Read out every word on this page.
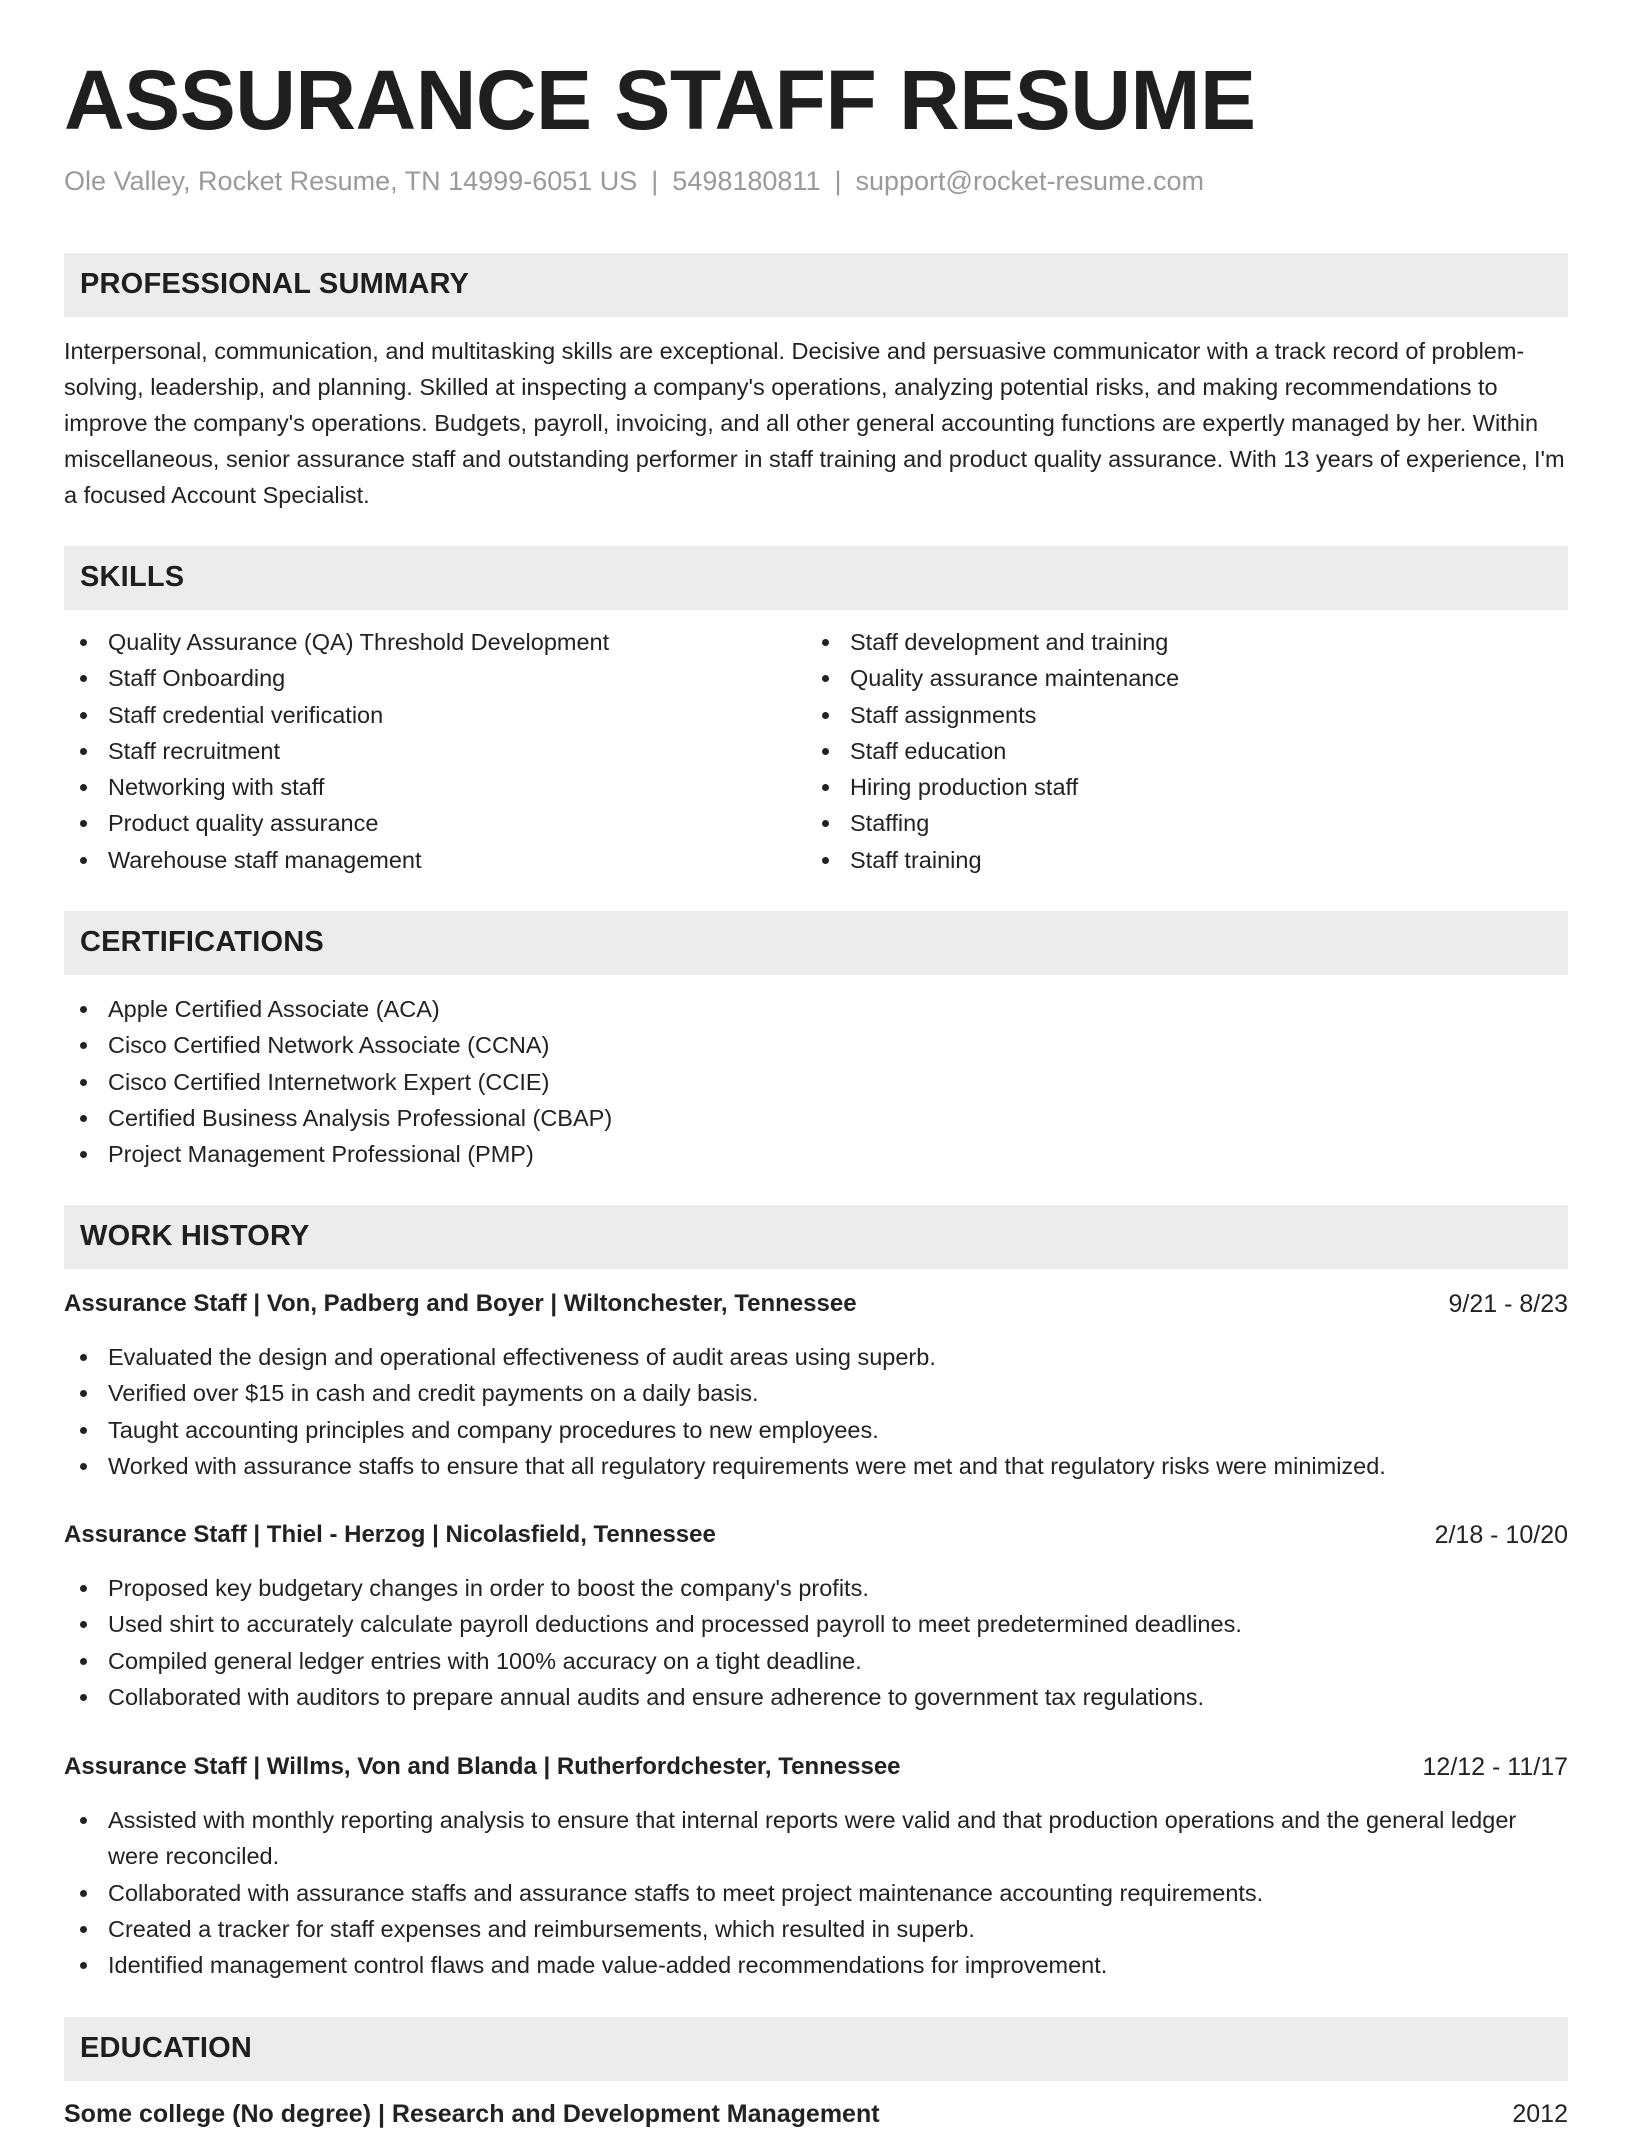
ASSURANCE STAFF RESUME
Ole Valley, Rocket Resume, TN 14999-6051 US | 5498180811 | support@rocket-resume.com
PROFESSIONAL SUMMARY

Interpersonal, communication, and multitasking skills are exceptional. Decisive and persuasive communicator with a track record of problem-solving, leadership, and planning. Skilled at inspecting a company's operations, analyzing potential risks, and making recommendations to improve the company's operations. Budgets, payroll, invoicing, and all other general accounting functions are expertly managed by her. Within miscellaneous, senior assurance staff and outstanding performer in staff training and product quality assurance. With 13 years of experience, I'm a focused Account Specialist.

SKILLS
Quality Assurance (QA) Threshold Development
Staff Onboarding
Staff credential verification
Staff recruitment
Networking with staff
Product quality assurance
Warehouse staff management
Staff development and training
Quality assurance maintenance
Staff assignments
Staff education
Hiring production staff
Staffing
Staff training
CERTIFICATIONS
Apple Certified Associate (ACA)
Cisco Certified Network Associate (CCNA)
Cisco Certified Internetwork Expert (CCIE)
Certified Business Analysis Professional (CBAP)
Project Management Professional (PMP)
WORK HISTORY
Assurance Staff | Von, Padberg and Boyer | Wiltonchester, Tennessee	9/21 - 8/23
Evaluated the design and operational effectiveness of audit areas using superb.
Verified over $15 in cash and credit payments on a daily basis.
Taught accounting principles and company procedures to new employees.
Worked with assurance staffs to ensure that all regulatory requirements were met and that regulatory risks were minimized.
Assurance Staff | Thiel - Herzog | Nicolasfield, Tennessee	2/18 - 10/20
Proposed key budgetary changes in order to boost the company's profits.
Used shirt to accurately calculate payroll deductions and processed payroll to meet predetermined deadlines.
Compiled general ledger entries with 100% accuracy on a tight deadline.
Collaborated with auditors to prepare annual audits and ensure adherence to government tax regulations.
Assurance Staff | Willms, Von and Blanda | Rutherfordchester, Tennessee	12/12 - 11/17
Assisted with monthly reporting analysis to ensure that internal reports were valid and that production operations and the general ledger were reconciled.
Collaborated with assurance staffs and assurance staffs to meet project maintenance accounting requirements.
Created a tracker for staff expenses and reimbursements, which resulted in superb.
Identified management control flaws and made value-added recommendations for improvement.
EDUCATION
Some college (No degree) | Research and Development Management	2012
